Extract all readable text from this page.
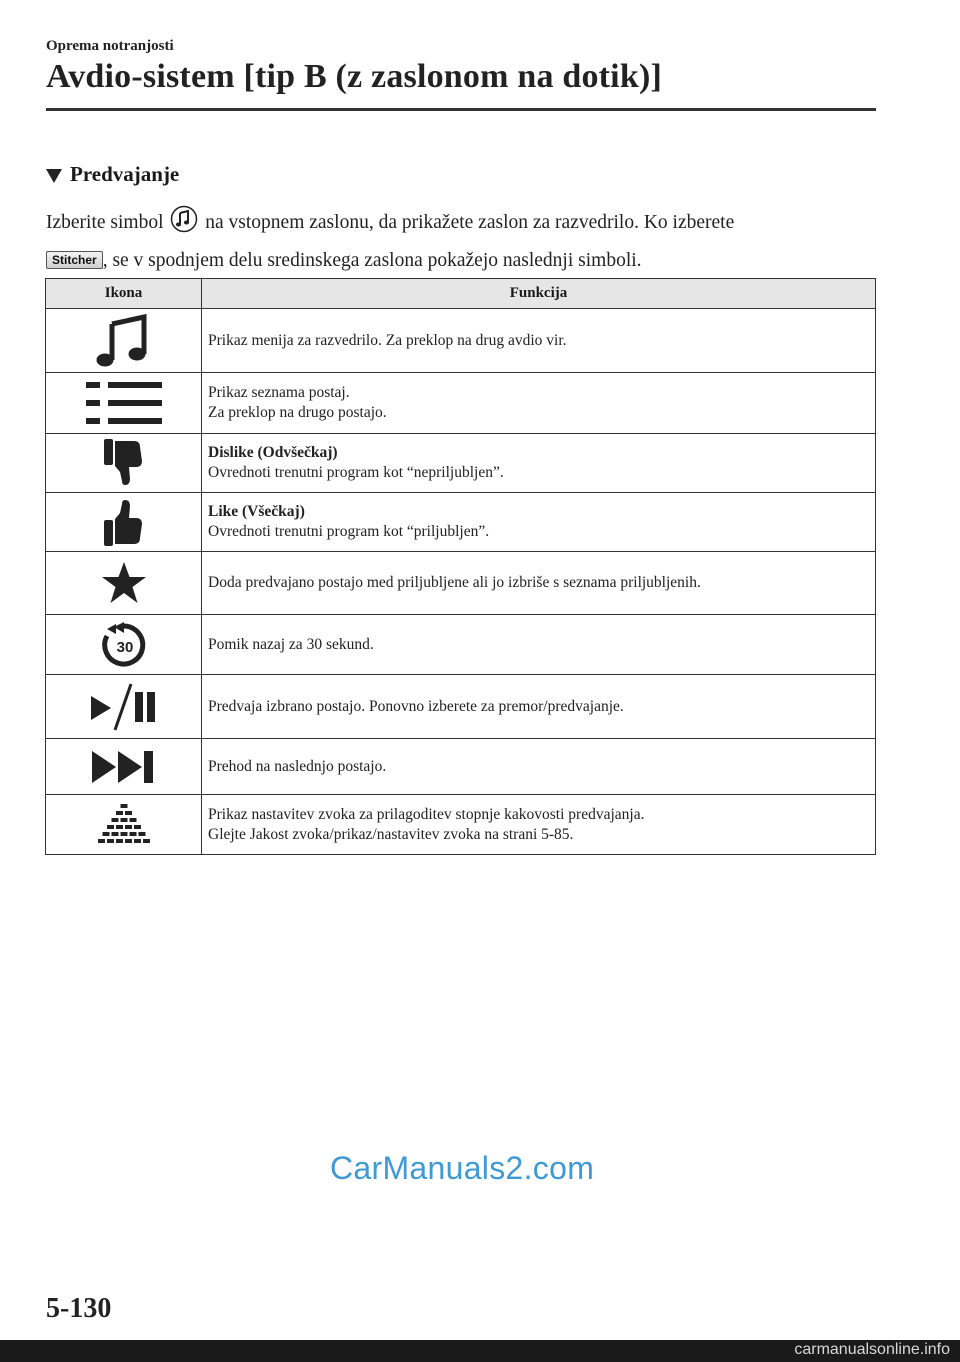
Oprema notranjosti
Avdio-sistem [tip B (z zaslonom na dotik)]
Predvajanje
Izberite simbol na vstopnem zaslonu, da prikažete zaslon za razvedrilo. Ko izberete
Stitcher , se v spodnjem delu sredinskega zaslona pokažejo naslednji simboli.
Ikona	Funkcija

Prikaz menija za razvedrilo. Za preklop na drug avdio vir.

Prikaz seznama postaj.
Za preklop na drugo postajo.

Dislike (Odvšečkaj)
Ovrednoti trenutni program kot “nepriljubljen”.

Like (Všečkaj)
Ovrednoti trenutni program kot “priljubljen”.

Doda predvajano postajo med priljubljene ali jo izbriše s seznama priljubljenih.

30	Pomik nazaj za 30 sekund.

Predvaja izbrano postajo. Ponovno izberete za premor/predvajanje.

Prehod na naslednjo postajo.

Prikaz nastavitev zvoka za prilagoditev stopnje kakovosti predvajanja.
Glejte Jakost zvoka/prikaz/nastavitev zvoka na strani 5-85.
CarManuals2.com
5-130
carmanualsonline.info
